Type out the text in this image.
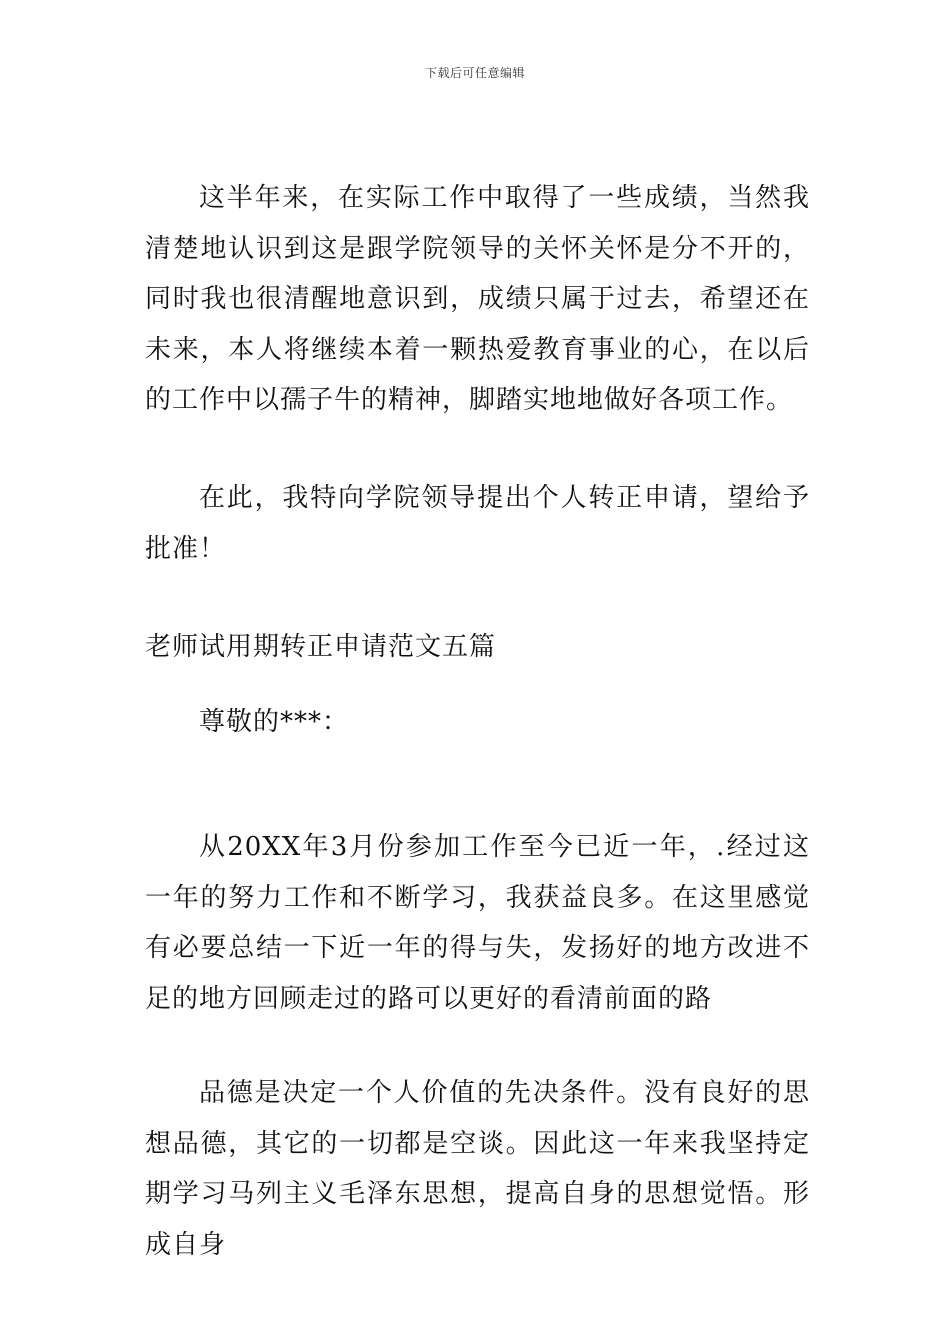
下载后可任意编辑
这半年来，在实际工作中取得了一些成绩，当然我清楚地认识到这是跟学院领导的关怀关怀是分不开的，同时我也很清醒地意识到，成绩只属于过去，希望还在未来，本人将继续本着一颗热爱教育事业的心，在以后的工作中以孺子牛的精神，脚踏实地地做好各项工作。
在此，我特向学院领导提出个人转正申请，望给予批准！
老师试用期转正申请范文五篇
尊敬的***：
从20XX年3月份参加工作至今已近一年，.经过这一年的努力工作和不断学习，我获益良多。在这里感觉有必要总结一下近一年的得与失，发扬好的地方改进不足的地方回顾走过的路可以更好的看清前面的路
品德是决定一个人价值的先决条件。没有良好的思想品德，其它的一切都是空谈。因此这一年来我坚持定期学习马列主义毛泽东思想，提高自身的思想觉悟。形成自身
